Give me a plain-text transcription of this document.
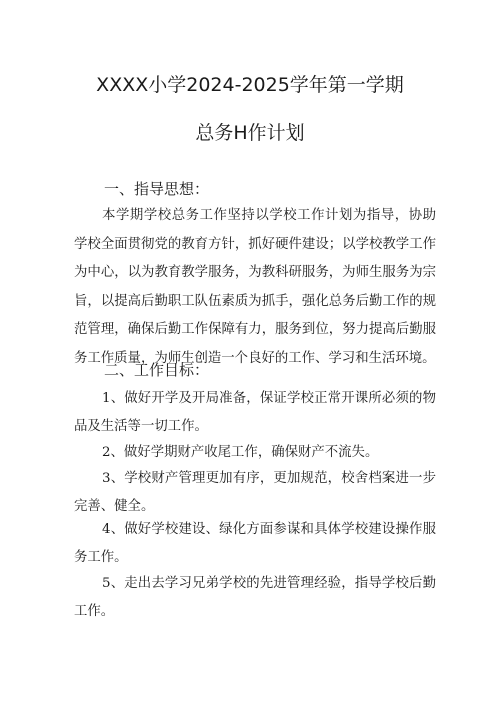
XXXX小学2024-2025学年第一学期
总务H作计划
一、指导思想：
本学期学校总务工作坚持以学校工作计划为指导，协助学校全面贯彻党的教育方针，抓好硬件建设；以学校教学工作为中心，以为教育教学服务，为教科研服务，为师生服务为宗旨，以提高后勤职工队伍素质为抓手，强化总务后勤工作的规范管理，确保后勤工作保障有力，服务到位，努力提高后勤服务工作质量，为师生创造一个良好的工作、学习和生活环境。
二、工作目标：
1、做好开学及开局准备，保证学校正常开课所必须的物品及生活等一切工作。
2、做好学期财产收尾工作，确保财产不流失。
3、学校财产管理更加有序，更加规范，校舍档案进一步完善、健全。
4、做好学校建设、绿化方面参谋和具体学校建设操作服务工作。
5、走出去学习兄弟学校的先进管理经验，指导学校后勤工作。
